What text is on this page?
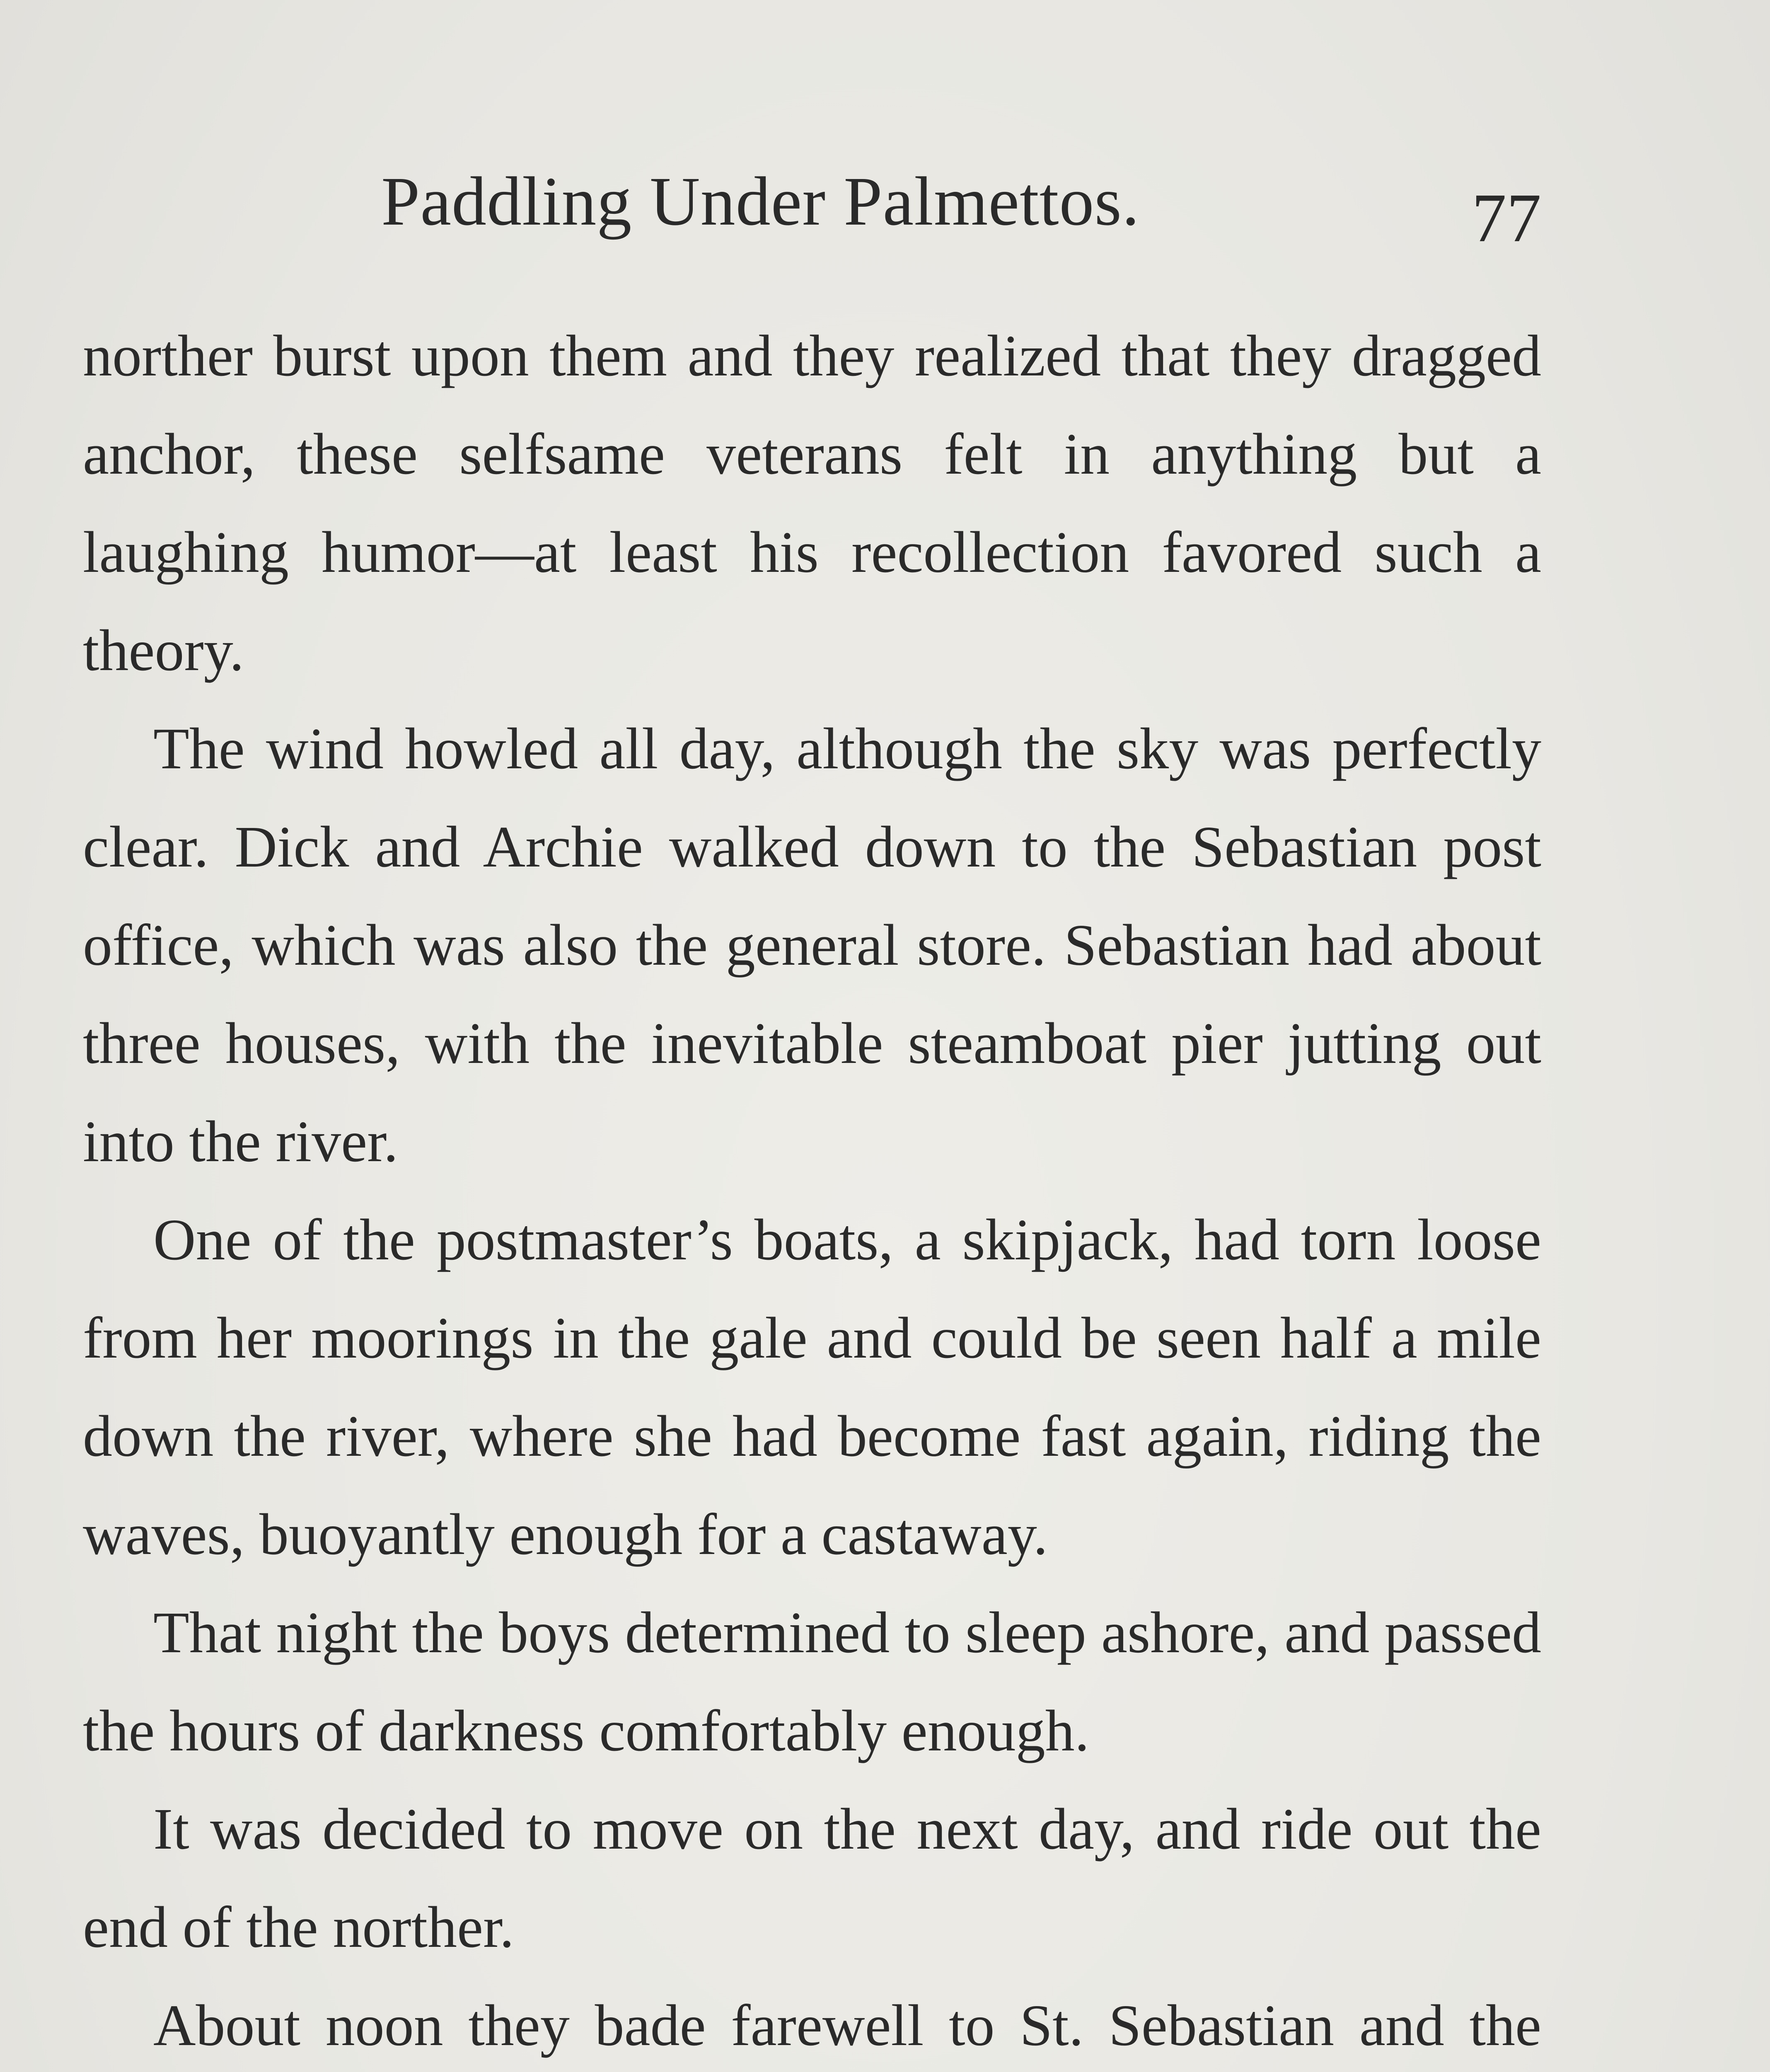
Paddling Under Palmettos.	77

norther burst upon them and they realized that they dragged anchor, these selfsame veterans felt in anything but a laughing humor—at least his recollection favored such a theory.

The wind howled all day, although the sky was perfectly clear. Dick and Archie walked down to the Sebastian post office, which was also the general store. Sebastian had about three houses, with the inevitable steamboat pier jutting out into the river.

One of the postmaster’s boats, a skipjack, had torn loose from her moorings in the gale and could be seen half a mile down the river, where she had become fast again, riding the waves, buoyantly enough for a castaway.

That night the boys determined to sleep ashore, and passed the hours of darkness comfortably enough.

It was decided to move on the next day, and ride out the end of the norther.

About noon they bade farewell to St. Sebastian and the
